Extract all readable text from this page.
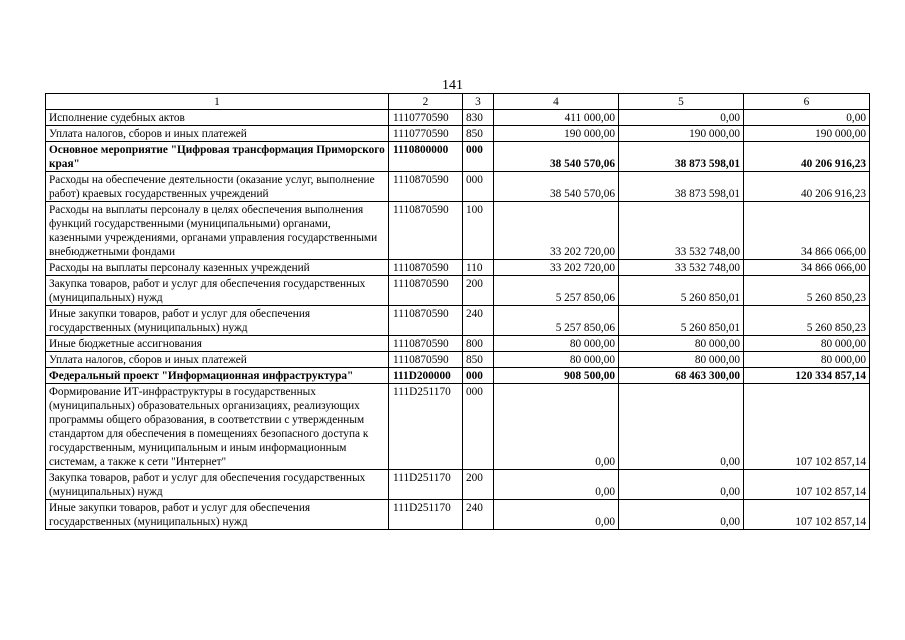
141
1	2	3	4	5	6
Исполнение судебных актов	1110770590	830	411 000,00	0,00	0,00
Уплата налогов, сборов и иных платежей	1110770590	850	190 000,00	190 000,00	190 000,00
Основное мероприятие "Цифровая трансформация Приморского края"	1110800000	000	38 540 570,06	38 873 598,01	40 206 916,23
Расходы на обеспечение деятельности (оказание услуг, выполнение работ) краевых государственных учреждений	1110870590	000	38 540 570,06	38 873 598,01	40 206 916,23
Расходы на выплаты персоналу в целях обеспечения выполнения функций государственными (муниципальными) органами, казенными учреждениями, органами управления государственными внебюджетными фондами	1110870590	100	33 202 720,00	33 532 748,00	34 866 066,00
Расходы на выплаты персоналу казенных учреждений	1110870590	110	33 202 720,00	33 532 748,00	34 866 066,00
Закупка товаров, работ и услуг для обеспечения государственных (муниципальных) нужд	1110870590	200	5 257 850,06	5 260 850,01	5 260 850,23
Иные закупки товаров, работ и услуг для обеспечения государственных (муниципальных) нужд	1110870590	240	5 257 850,06	5 260 850,01	5 260 850,23
Иные бюджетные ассигнования	1110870590	800	80 000,00	80 000,00	80 000,00
Уплата налогов, сборов и иных платежей	1110870590	850	80 000,00	80 000,00	80 000,00
Федеральный проект "Информационная инфраструктура"	111D200000	000	908 500,00	68 463 300,00	120 334 857,14
Формирование ИТ-инфраструктуры в государственных (муниципальных) образовательных организациях, реализующих программы общего образования, в соответствии с утвержденным стандартом для обеспечения в помещениях безопасного доступа к государственным, муниципальным и иным информационным системам, а также к сети "Интернет"	111D251170	000	0,00	0,00	107 102 857,14
Закупка товаров, работ и услуг для обеспечения государственных (муниципальных) нужд	111D251170	200	0,00	0,00	107 102 857,14
Иные закупки товаров, работ и услуг для обеспечения государственных (муниципальных) нужд	111D251170	240	0,00	0,00	107 102 857,14
